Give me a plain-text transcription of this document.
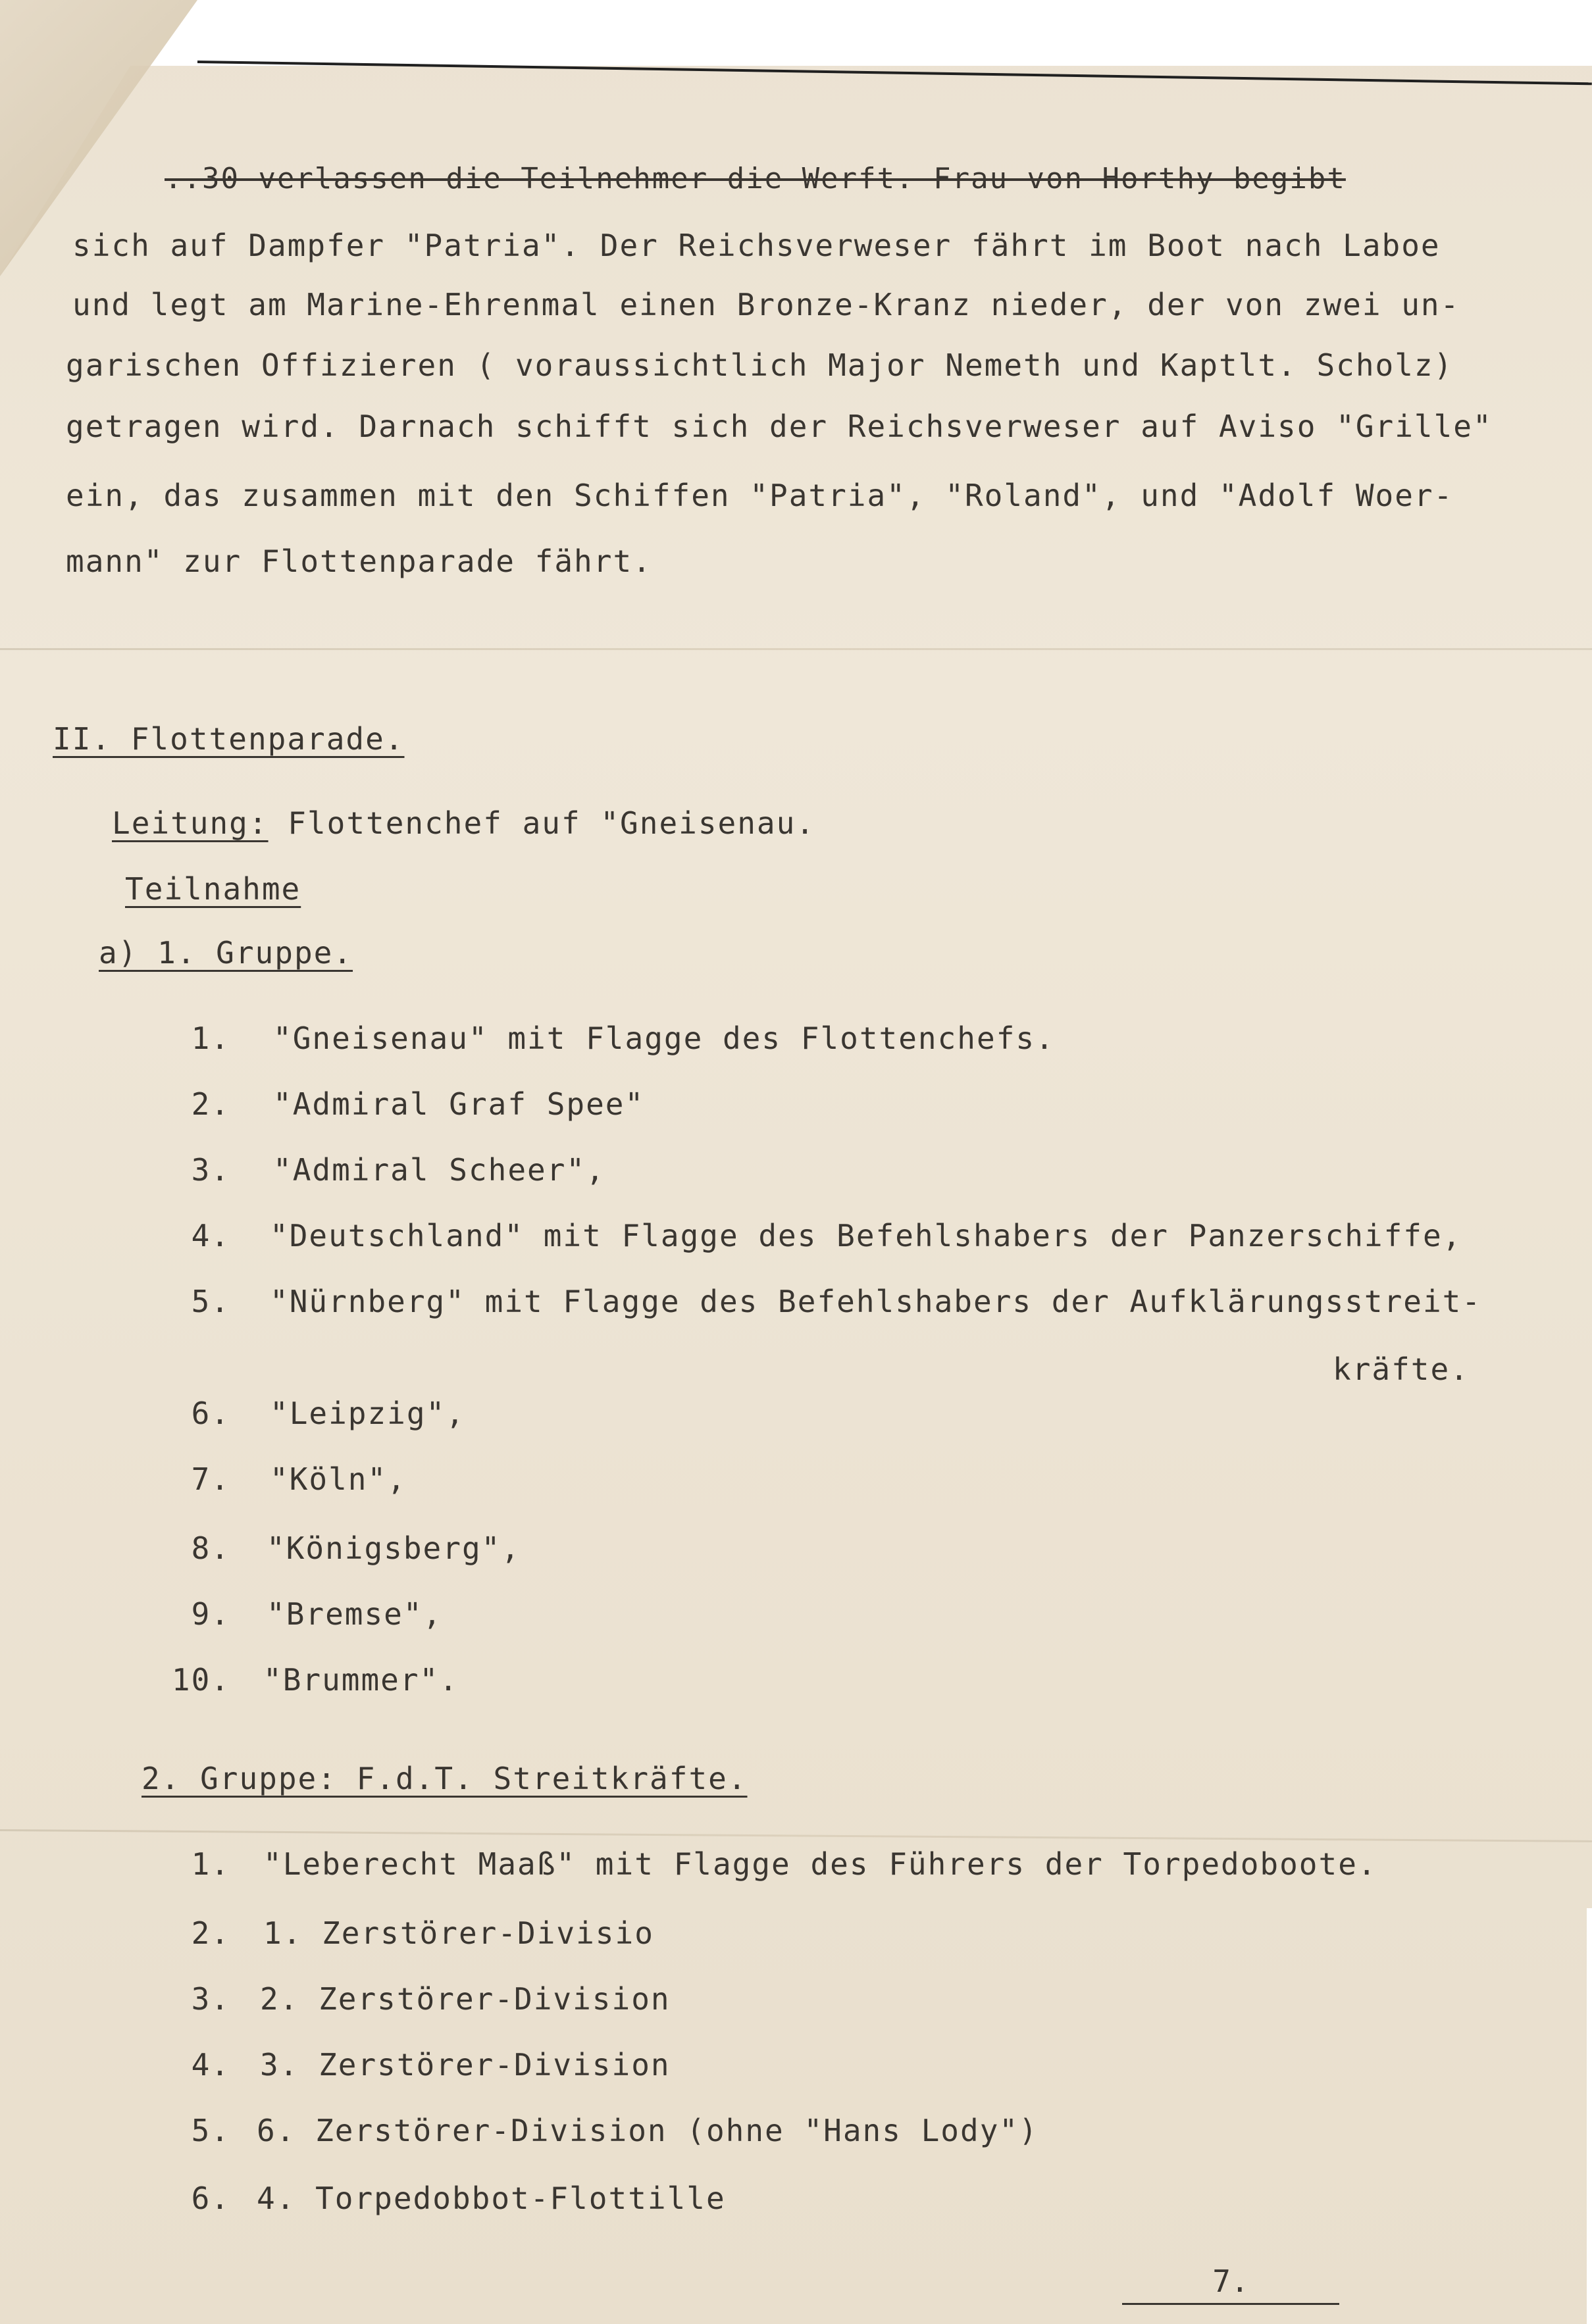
..30 verlassen die Teilnehmer die Werft. Frau von Horthy begibt
sich auf Dampfer "Patria". Der Reichsverweser fährt im Boot nach Laboe
und legt am Marine-Ehrenmal einen Bronze-Kranz nieder, der von zwei un-
garischen Offizieren ( voraussichtlich Major Nemeth und Kaptlt. Scholz)
getragen wird. Darnach schifft sich der Reichsverweser auf Aviso "Grille"
ein, das zusammen mit den Schiffen "Patria", "Roland", und "Adolf Woer-
mann" zur Flottenparade fährt.
II. Flottenparade.
Leitung: Flottenchef auf "Gneisenau.
Teilnahme
a) 1. Gruppe.
1. "Gneisenau" mit Flagge des Flottenchefs.
2. "Admiral Graf Spee"
3. "Admiral Scheer",
4. "Deutschland" mit Flagge des Befehlshabers der Panzerschiffe,
5. "Nürnberg" mit Flagge des Befehlshabers der Aufklärungsstreit-
kräfte.
6. "Leipzig",
7. "Köln",
8. "Königsberg",
9. "Bremse",
10. "Brummer".
2. Gruppe: F.d.T. Streitkräfte.
1. "Leberecht Maaß" mit Flagge des Führers der Torpedoboote.
2. 1. Zerstörer-Divisio
3. 2. Zerstörer-Division
4. 3. Zerstörer-Division
5. 6. Zerstörer-Division (ohne "Hans Lody")
6. 4. Torpedobbot-Flottille
7.
